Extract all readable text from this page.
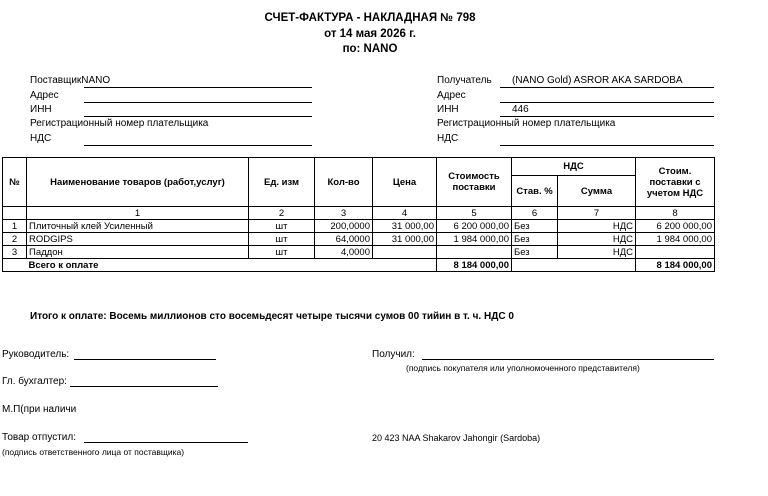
СЧЕТ-ФАКТУРА - НАКЛАДНАЯ № 798
от 14 мая 2026 г.
по: NANO
ПоставщикNANO
Адрес
ИНН
Регистрационный номер плательщика
НДС
Получатель (NANO Gold) ASROR AKA SARDOBA
Адрес
ИНН	446
Регистрационный номер плательщика
НДС
№	Наименование товаров (работ,услуг)	Ед. изм	Кол-во	Цена	Стоимость поставки	НДС		Стоим. поставки с учетом НДС
						Став. %	Сумма	
	1	2	3	4	5	6	7	8
1	Плиточный клей Усиленный	шт	200,0000	31 000,00	6 200 000,00	Без	НДС	6 200 000,00
2	RODGIPS	шт	64,0000	31 000,00	1 984 000,00	Без	НДС	1 984 000,00
3	Паддон	шт	4,0000			Без	НДС	
	Всего к оплате				8 184 000,00			8 184 000,00
Итого к оплате: Восемь миллионов сто восемьдесят четыре тысячи сумов 00 тийин в т. ч. НДС 0
Руководитель:	Получил:
(подпись покупателя или уполномоченного представителя)
Гл. бухгалтер:
М.П(при наличи
Товар отпустил:
(подпись ответственного лица от поставщика)
20 423 NAA Shakarov Jahongir (Sardoba)
